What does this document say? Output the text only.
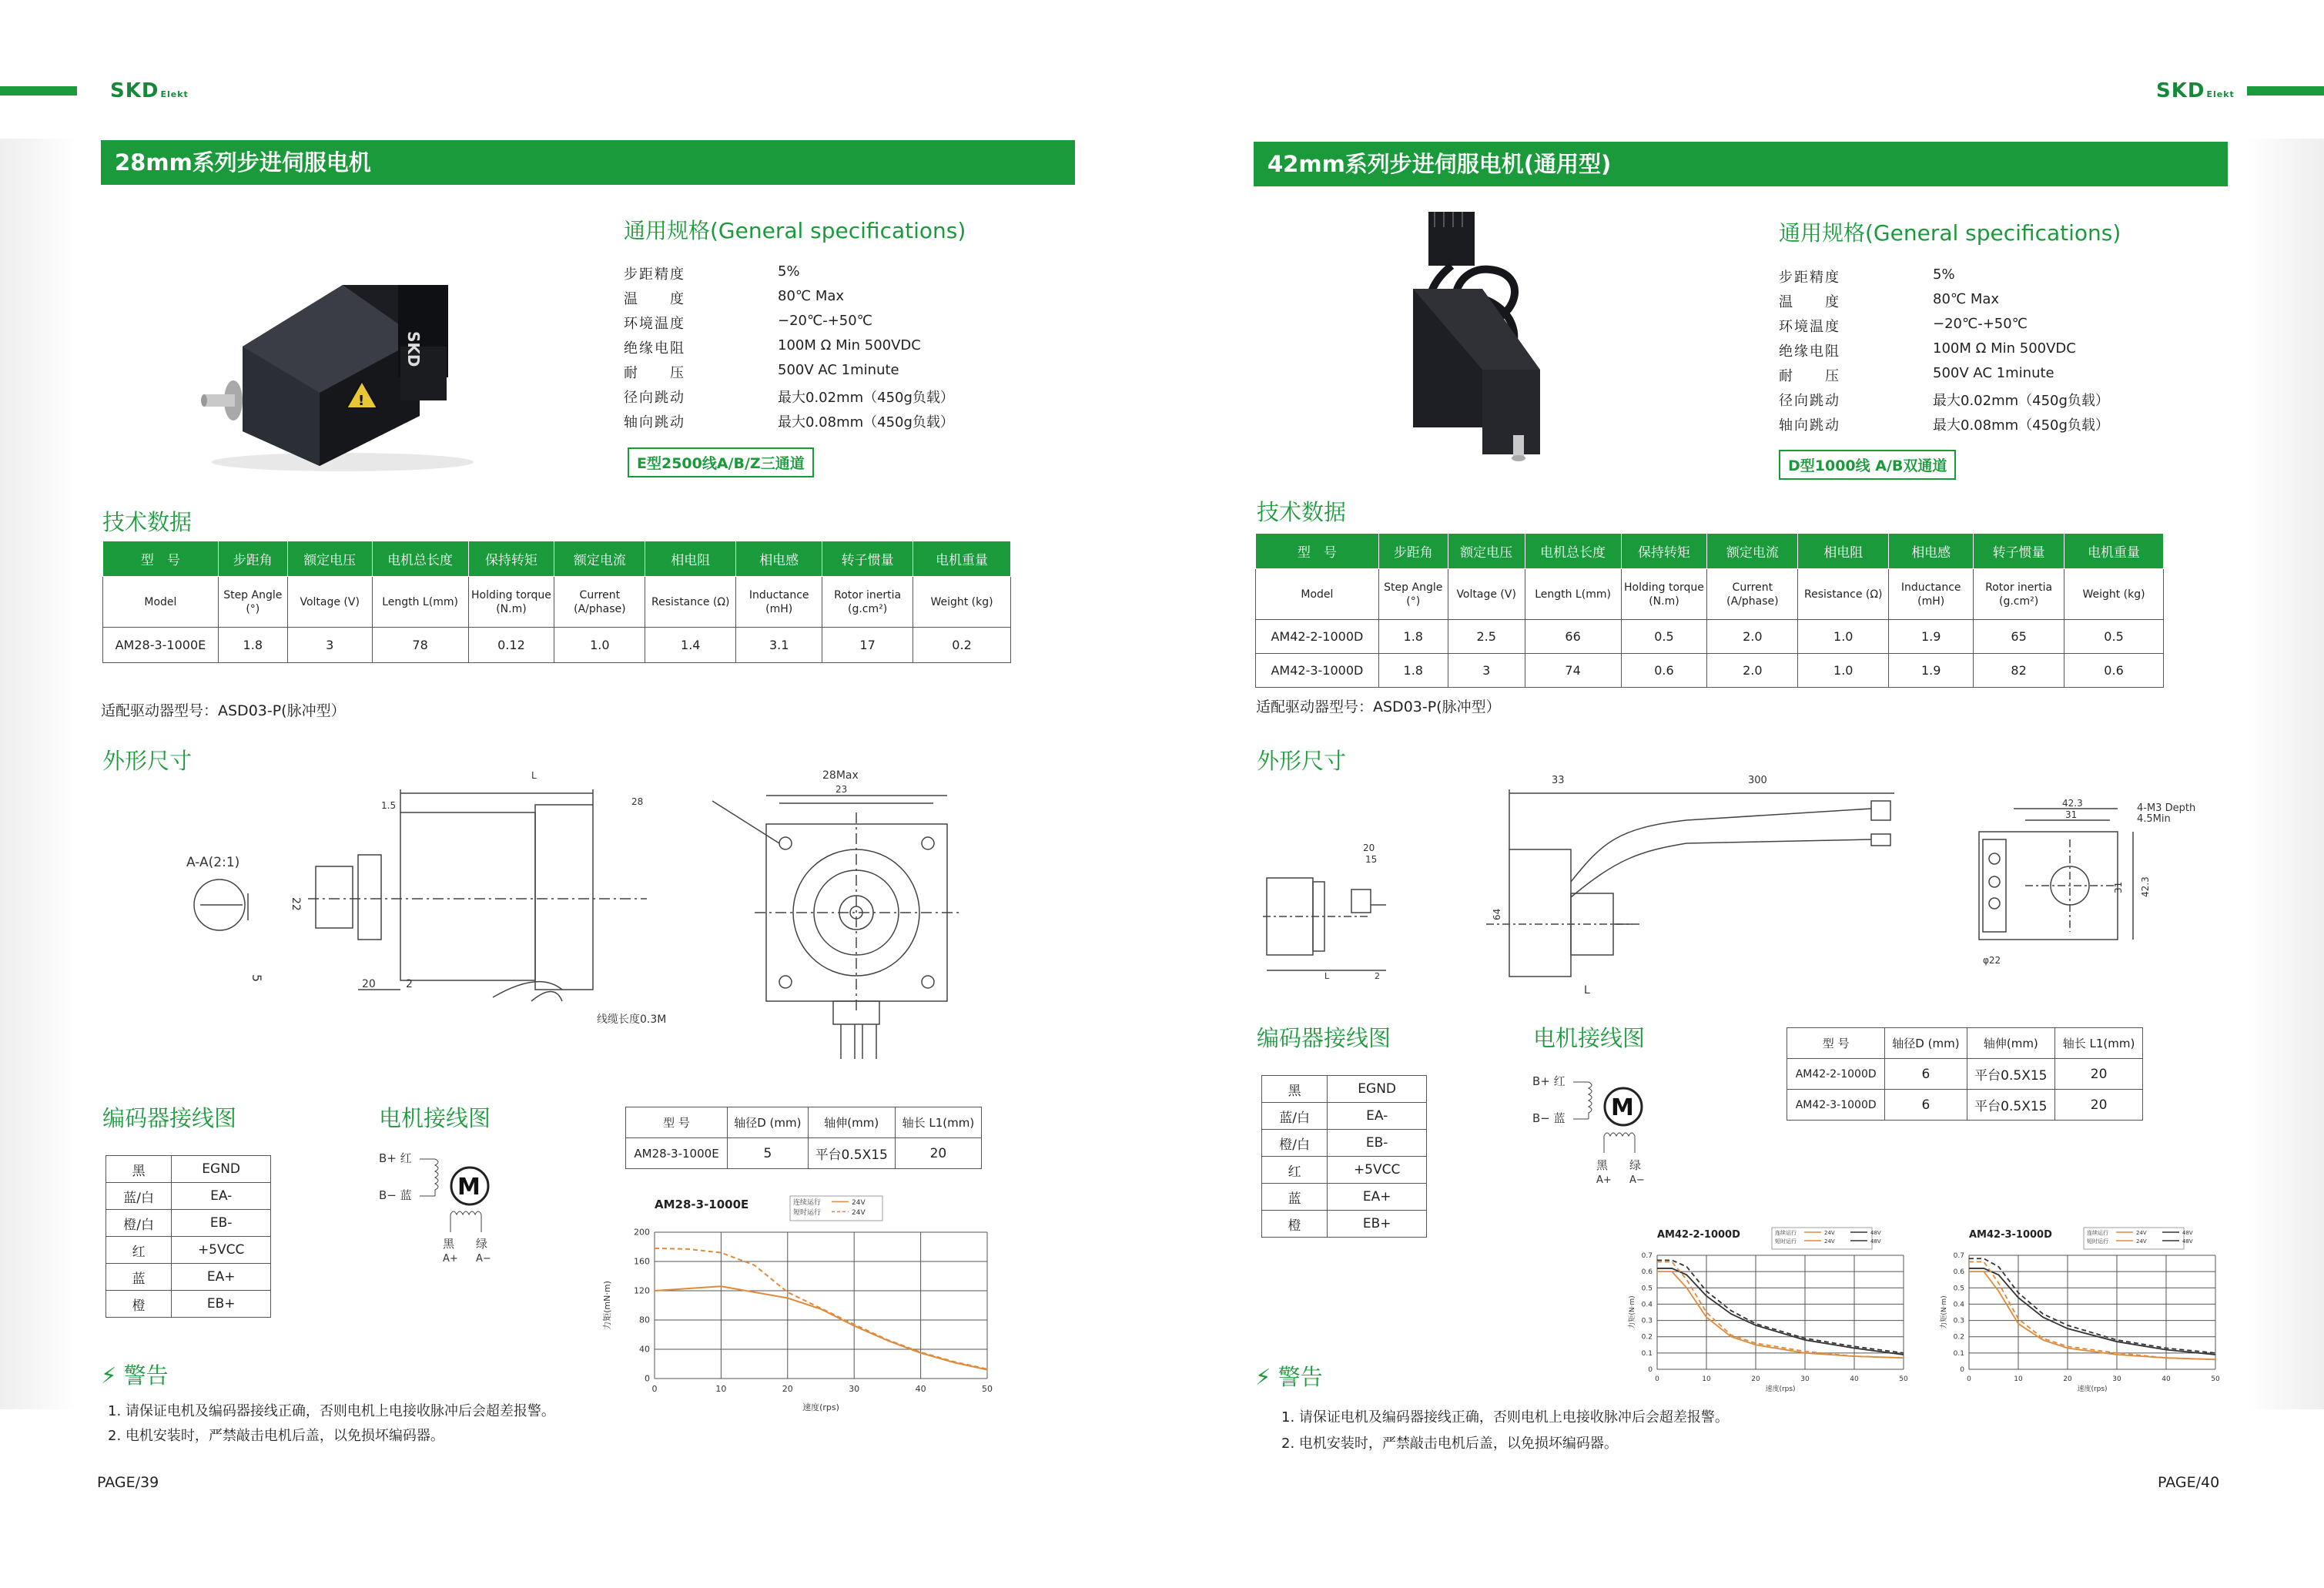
SKD Elekt	SKD Elekt
28mm系列步进伺服电机	42mm系列步进伺服电机(通用型)
SKD
!
通用规格(General specifications)
步距精度	5%
温　　度	80℃ Max
环境温度	−20℃-+50℃
绝缘电阻	100M Ω Min 500VDC
耐　　压	500V AC 1minute
径向跳动	最大0.02mm（450g负载）
轴向跳动	最大0.08mm（450g负载）
E型2500线A/B/Z三通道
技术数据
型　号	步距角	额定电压	电机总长度	保持转矩	额定电流	相电阻	相电感	转子惯量	电机重量
Model	Step Angle (°)	Voltage (V)	Length L(mm)	Holding torque (N.m)	Current (A/phase)	Resistance (Ω)	Inductance (mH)	Rotor inertia (g.cm²)	Weight (kg)
AM28-3-1000E	1.8	3	78	0.12	1.0	1.4	3.1	17	0.2
适配驱动器型号：ASD03-P(脉冲型）
外形尺寸
A-A(2:1)
L
1.5	28
20	2
22
5
线缆长度0.3M
28Max
23
编码器接线图
黑	EGND
蓝/白	EA-
橙/白	EB-
红	+5VCC
蓝	EA+
橙	EB+
电机接线图
B+ 红
B− 蓝 M
黑 绿
A+ A−
型 号	轴径D (mm)	轴伸(mm)	轴长 L1(mm)
AM28-3-1000E	5	平台0.5X15	20
AM28-3-1000E
0	10	20	30	40	50
0
40
80
120
160
200
速度(rps)
力矩(mN·m)
连续运行	24V
短时运行	24V
⚡ 警告
1. 请保证电机及编码器接线正确，否则电机上电接收脉冲后会超差报警。
2. 电机安装时，严禁敲击电机后盖，以免损坏编码器。
PAGE/39
通用规格(General specifications)
步距精度	5%
温　　度	80℃ Max
环境温度	−20℃-+50℃
绝缘电阻	100M Ω Min 500VDC
耐　　压	500V AC 1minute
径向跳动	最大0.02mm（450g负载）
轴向跳动	最大0.08mm（450g负载）
D型1000线 A/B双通道
技术数据
型　号	步距角	额定电压	电机总长度	保持转矩	额定电流	相电阻	相电感	转子惯量	电机重量
Model	Step Angle (°)	Voltage (V)	Length L(mm)	Holding torque (N.m)	Current (A/phase)	Resistance (Ω)	Inductance (mH)	Rotor inertia (g.cm²)	Weight (kg)
AM42-2-1000D	1.8	2.5	66	0.5	2.0	1.0	1.9	65	0.5
AM42-3-1000D	1.8	3	74	0.6	2.0	1.0	1.9	82	0.6
适配驱动器型号：ASD03-P(脉冲型）
外形尺寸
33	300
20
15
64
L
L	2
42.3
31
4-M3 Depth
4.5Min
31 42.3
φ22
编码器接线图
黑	EGND
蓝/白	EA-
橙/白	EB-
红	+5VCC
蓝	EA+
橙	EB+
电机接线图
B+ 红
B− 蓝 M
黑 绿
A+ A−
型 号	轴径D (mm)	轴伸(mm)	轴长 L1(mm)
AM42-2-1000D	6	平台0.5X15	20
AM42-3-1000D	6	平台0.5X15	20
AM42-2-1000D
0	10	20	30	40	50
0
0.1
0.2
0.3
0.4
0.5
0.6
0.7
速度(rps)
力矩(N·m)
连续运行	24V	48V
短时运行	24V	48V
AM42-3-1000D
0	10	20	30	40	50
0
0.1
0.2
0.3
0.4
0.5
0.6
0.7
速度(rps)
力矩(N·m)
连续运行	24V	48V
短时运行	24V	48V
⚡ 警告
1. 请保证电机及编码器接线正确，否则电机上电接收脉冲后会超差报警。
2. 电机安装时，严禁敲击电机后盖，以免损坏编码器。
PAGE/40
